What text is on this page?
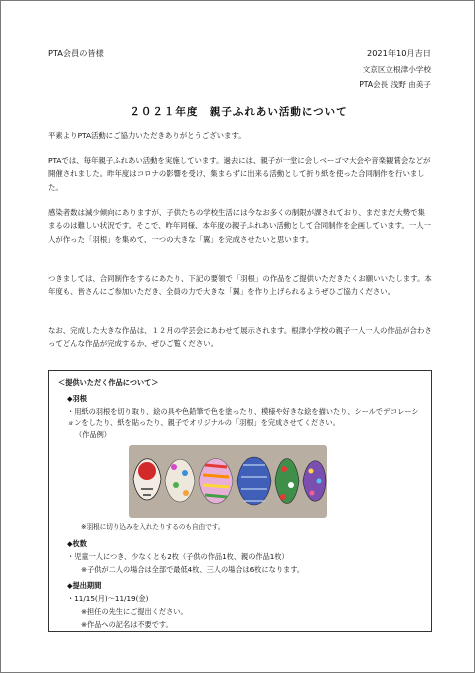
PTA会員の皆様	2021年10月吉日
文京区立根津小学校
PTA会長 浅野 由美子
２０２１年度　親子ふれあい活動について

平素よりPTA活動にご協力いただきありがとうございます。

PTAでは、毎年親子ふれあい活動を実施しています。過去には、親子が一堂に会しベーゴマ大会や音楽観賞会などが開催されました。昨年度はコロナの影響を受け、集まらずに出来る活動として折り紙を使った合同制作を行いました。

感染者数は減少傾向にありますが、子供たちの学校生活には今なお多くの制限が課されており、まだまだ大勢で集まるのは難しい状況です。そこで、昨年同様、本年度の親子ふれあい活動として合同制作を企画しています。一人一人が作った「羽根」を集めて、一つの大きな「翼」を完成させたいと思います。

つきましては、合同制作をするにあたり、下記の要領で「羽根」の作品をご提供いただきたくお願いいたします。本年度も、皆さんにご参加いただき、全員の力で大きな「翼」を作り上げられるようぜひご協力ください。

なお、完成した大きな作品は、１２月の学芸会にあわせて展示されます。根津小学校の親子一人一人の作品が合わさってどんな作品が完成するか、ぜひご覧ください。

＜提供いただく作品について＞

◆羽根

・用紙の羽根を切り取り、絵の具や色鉛筆で色を塗ったり、模様や好きな絵を描いたり、シールでデコレーションをしたり、紙を貼ったり、親子でオリジナルの「羽根」を完成させてください。

（作品例）

※羽根に切り込みを入れたりするのも自由です。

◆枚数

・児童一人につき、少なくとも2枚（子供の作品1枚、親の作品1枚）

※子供が二人の場合は全部で最低4枚、三人の場合は6枚になります。

◆提出期間

・11/15(月)～11/19(金)

※担任の先生にご提出ください。

※作品への記名は不要です。
